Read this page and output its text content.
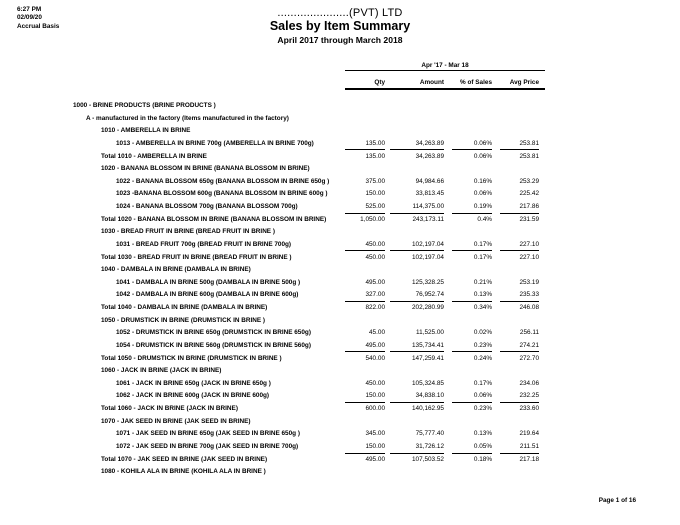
6:27 PM
02/09/20
Accrual Basis
......................(PVT) LTD
Sales by Item Summary
April 2017 through March 2018
Apr '17 - Mar 18
Qty	Amount	% of Sales	Avg Price
1000 - BRINE PRODUCTS (BRINE PRODUCTS )
A - manufactured in the factory (Items manufactured in the factory)
1010 - AMBERELLA IN BRINE
1013 - AMBERELLA IN BRINE 700g (AMBERELLA IN BRINE 700g)	135.00	34,263.89	0.06%	253.81
Total 1010 - AMBERELLA IN BRINE	135.00	34,263.89	0.06%	253.81
1020 - BANANA BLOSSOM IN BRINE (BANANA BLOSSOM IN BRINE)
1022 - BANANA BLOSSOM 650g (BANANA BLOSSOM IN BRINE 650g )	375.00	94,984.66	0.16%	253.29
1023 -BANANA BLOSSOM 600g (BANANA BLOSSOM IN BRINE 600g )	150.00	33,813.45	0.06%	225.42
1024 - BANANA BLOSSOM 700g (BANANA BLOSSOM 700g)	525.00	114,375.00	0.19%	217.86
Total 1020 - BANANA BLOSSOM IN BRINE (BANANA BLOSSOM IN BRINE)	1,050.00	243,173.11	0.4%	231.59
1030 - BREAD FRUIT IN BRINE (BREAD FRUIT IN BRINE )
1031 - BREAD FRUIT 700g (BREAD FRUIT IN BRINE 700g)	450.00	102,197.04	0.17%	227.10
Total 1030 - BREAD FRUIT IN BRINE (BREAD FRUIT IN BRINE )	450.00	102,197.04	0.17%	227.10
1040 - DAMBALA IN BRINE (DAMBALA IN BRINE)
1041 - DAMBALA IN BRINE 500g (DAMBALA IN BRINE 500g )	495.00	125,328.25	0.21%	253.19
1042 - DAMBALA IN BRINE 600g (DAMBALA IN BRINE 600g)	327.00	76,952.74	0.13%	235.33
Total 1040 - DAMBALA IN BRINE (DAMBALA IN BRINE)	822.00	202,280.99	0.34%	246.08
1050 - DRUMSTICK IN BRINE (DRUMSTICK IN BRINE )
1052 - DRUMSTICK IN BRINE 650g (DRUMSTICK IN BRINE 650g)	45.00	11,525.00	0.02%	256.11
1054 - DRUMSTICK IN BRINE 560g (DRUMSTICK IN BRINE 560g)	495.00	135,734.41	0.23%	274.21
Total 1050 - DRUMSTICK IN BRINE (DRUMSTICK IN BRINE )	540.00	147,259.41	0.24%	272.70
1060 - JACK IN BRINE (JACK IN BRINE)
1061 - JACK IN BRINE 650g (JACK IN BRINE 650g )	450.00	105,324.85	0.17%	234.06
1062 - JACK IN BRINE 600g (JACK IN BRINE 600g)	150.00	34,838.10	0.06%	232.25
Total 1060 - JACK IN BRINE (JACK IN BRINE)	600.00	140,162.95	0.23%	233.60
1070 - JAK SEED IN BRINE (JAK SEED IN BRINE)
1071 - JAK SEED IN BRINE 650g (JAK SEED IN BRINE 650g )	345.00	75,777.40	0.13%	219.64
1072 - JAK SEED IN BRINE 700g (JAK SEED IN BRINE 700g)	150.00	31,726.12	0.05%	211.51
Total 1070 - JAK SEED IN BRINE (JAK SEED IN BRINE)	495.00	107,503.52	0.18%	217.18
1080 - KOHILA ALA IN BRINE (KOHILA ALA IN BRINE )
Page 1 of 16
